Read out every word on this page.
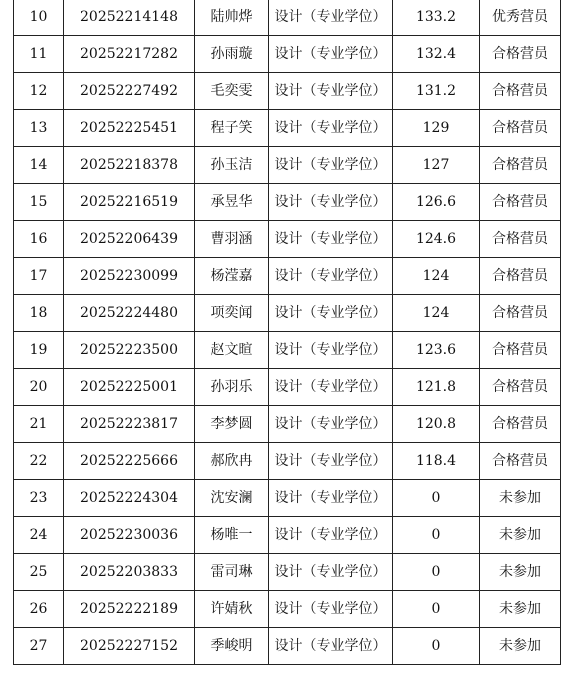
10	20252214148	陆帅烨	设计（专业学位）	133.2	优秀营员
11	20252217282	孙雨璇	设计（专业学位）	132.4	合格营员
12	20252227492	毛奕雯	设计（专业学位）	131.2	合格营员
13	20252225451	程子笑	设计（专业学位）	129	合格营员
14	20252218378	孙玉洁	设计（专业学位）	127	合格营员
15	20252216519	承昱华	设计（专业学位）	126.6	合格营员
16	20252206439	曹羽涵	设计（专业学位）	124.6	合格营员
17	20252230099	杨滢嘉	设计（专业学位）	124	合格营员
18	20252224480	项奕闻	设计（专业学位）	124	合格营员
19	20252223500	赵文暄	设计（专业学位）	123.6	合格营员
20	20252225001	孙羽乐	设计（专业学位）	121.8	合格营员
21	20252223817	李梦圆	设计（专业学位）	120.8	合格营员
22	20252225666	郝欣冉	设计（专业学位）	118.4	合格营员
23	20252224304	沈安澜	设计（专业学位）	0	未参加
24	20252230036	杨唯一	设计（专业学位）	0	未参加
25	20252203833	雷司琳	设计（专业学位）	0	未参加
26	20252222189	许婧秋	设计（专业学位）	0	未参加
27	20252227152	季峻明	设计（专业学位）	0	未参加
